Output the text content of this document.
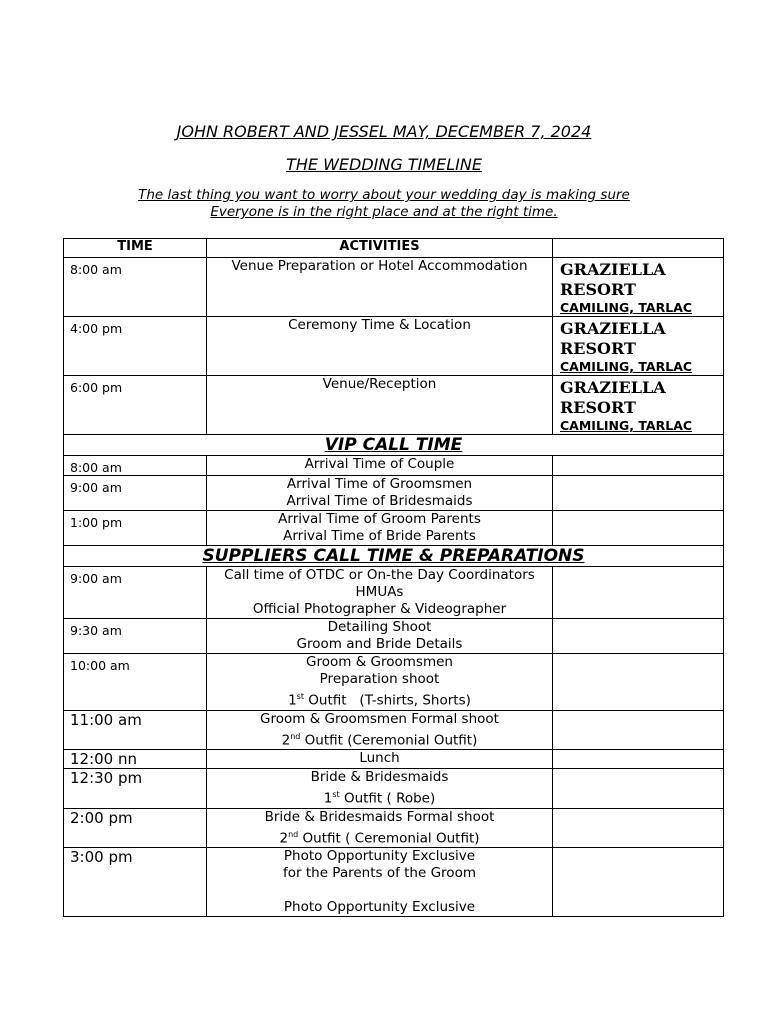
JOHN ROBERT AND JESSEL MAY, DECEMBER 7, 2024
THE WEDDING TIMELINE
The last thing you want to worry about your wedding day is making sure
Everyone is in the right place and at the right time.
TIME	ACTIVITIES	
8:00 am	Venue Preparation or Hotel Accommodation	GRAZIELLA RESORT
CAMILING, TARLAC

4:00 pm	Ceremony Time & Location	GRAZIELLA RESORT
CAMILING, TARLAC

6:00 pm	Venue/Reception	GRAZIELLA RESORT
CAMILING, TARLAC

VIP CALL TIME		
8:00 am	Arrival Time of Couple	

9:00 am	Arrival Time of Groomsmen
Arrival Time of Bridesmaids	

1:00 pm	Arrival Time of Groom Parents
Arrival Time of Bride Parents	

SUPPLIERS CALL TIME & PREPARATIONS		
9:00 am	Call time of OTDC or On-the Day Coordinators
HMUAs
Official Photographer & Videographer	

9:30 am	Detailing Shoot
Groom and Bride Details	

10:00 am	Groom & Groomsmen
Preparation shoot
1st Outfit   (T-shirts, Shorts)	

11:00 am	Groom & Groomsmen Formal shoot
2nd Outfit (Ceremonial Outfit)	

12:00 nn	Lunch	

12:30 pm	Bride & Bridesmaids
1st Outfit ( Robe)	

2:00 pm	Bride & Bridesmaids Formal shoot
2nd Outfit ( Ceremonial Outfit)	

3:00 pm	Photo Opportunity Exclusive
for the Parents of the Groom

Photo Opportunity Exclusive	
